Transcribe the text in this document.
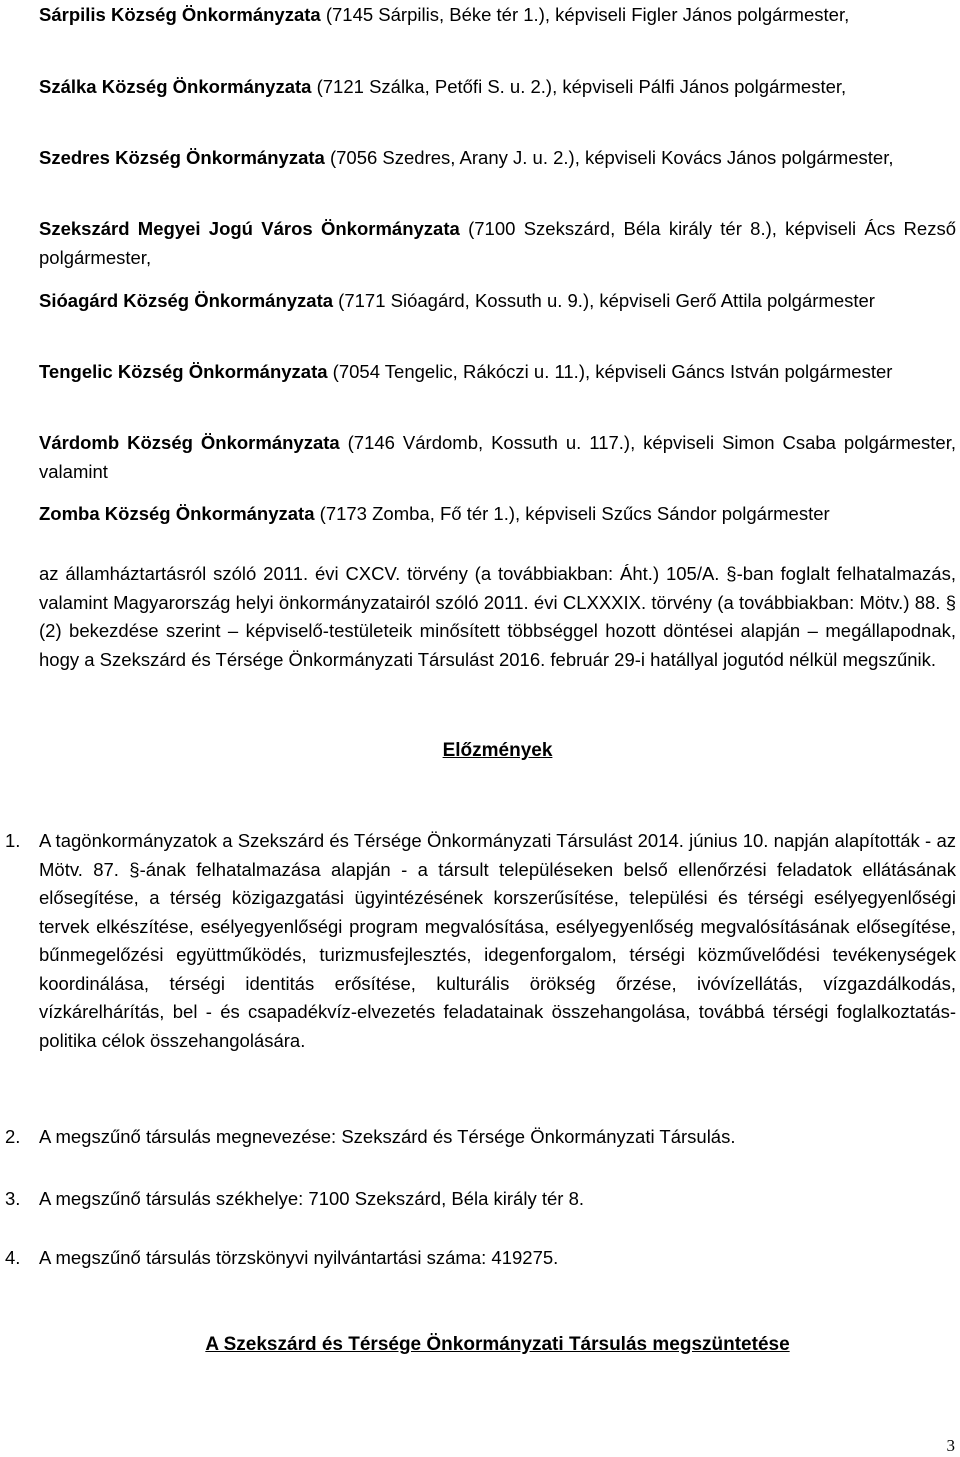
Sárpilis Község Önkormányzata (7145 Sárpilis, Béke tér 1.), képviseli Figler János polgármester,

Szálka Község Önkormányzata (7121 Szálka, Petőfi S. u. 2.), képviseli Pálfi János polgármester,

Szedres Község Önkormányzata (7056 Szedres, Arany J. u. 2.), képviseli Kovács János polgármester,

Szekszárd Megyei Jogú Város Önkormányzata (7100 Szekszárd, Béla király tér 8.), képviseli Ács Rezső polgármester,

Sióagárd Község Önkormányzata (7171 Sióagárd, Kossuth u. 9.), képviseli Gerő Attila polgármester

Tengelic Község Önkormányzata (7054 Tengelic, Rákóczi u. 11.), képviseli Gáncs István polgármester

Várdomb Község Önkormányzata (7146 Várdomb, Kossuth u. 117.), képviseli Simon Csaba polgármester, valamint

Zomba Község Önkormányzata (7173 Zomba, Fő tér 1.), képviseli Szűcs Sándor polgármester

az államháztartásról szóló 2011. évi CXCV. törvény (a továbbiakban: Áht.) 105/A. §-ban foglalt felhatalmazás, valamint Magyarország helyi önkormányzatairól szóló 2011. évi CLXXXIX. törvény (a továbbiakban: Mötv.) 88. § (2) bekezdése szerint – képviselő-testületeik minősített többséggel hozott döntései alapján – megállapodnak, hogy a Szekszárd és Térsége Önkormányzati Társulást 2016. február 29-i hatállyal jogutód nélkül megszűnik.

Előzmények

1.	A tagönkormányzatok a Szekszárd és Térsége Önkormányzati Társulást 2014. június 10. napján alapították - az Mötv. 87. §-ának felhatalmazása alapján - a társult településeken belső ellenőrzési feladatok ellátásának elősegítése, a térség közigazgatási ügyintézésének korszerűsítése, települési és térségi esélyegyenlőségi tervek elkészítése, esélyegyenlőségi program megvalósítása, esélyegyenlőség megvalósításának elősegítése, bűnmegelőzési együttműködés, turizmusfejlesztés, idegenforgalom, térségi közművelődési tevékenységek koordinálása, térségi identitás erősítése, kulturális örökség őrzése, ivóvízellátás, vízgazdálkodás, vízkárelhárítás, bel - és csapadékvíz-elvezetés feladatainak összehangolása, továbbá térségi foglalkoztatás-politika célok összehangolására.
2.	A megszűnő társulás megnevezése: Szekszárd és Térsége Önkormányzati Társulás.
3.	A megszűnő társulás székhelye: 7100 Szekszárd, Béla király tér 8.
4.	A megszűnő társulás törzskönyvi nyilvántartási száma: 419275.

A Szekszárd és Térsége Önkormányzati Társulás megszüntetése

3
